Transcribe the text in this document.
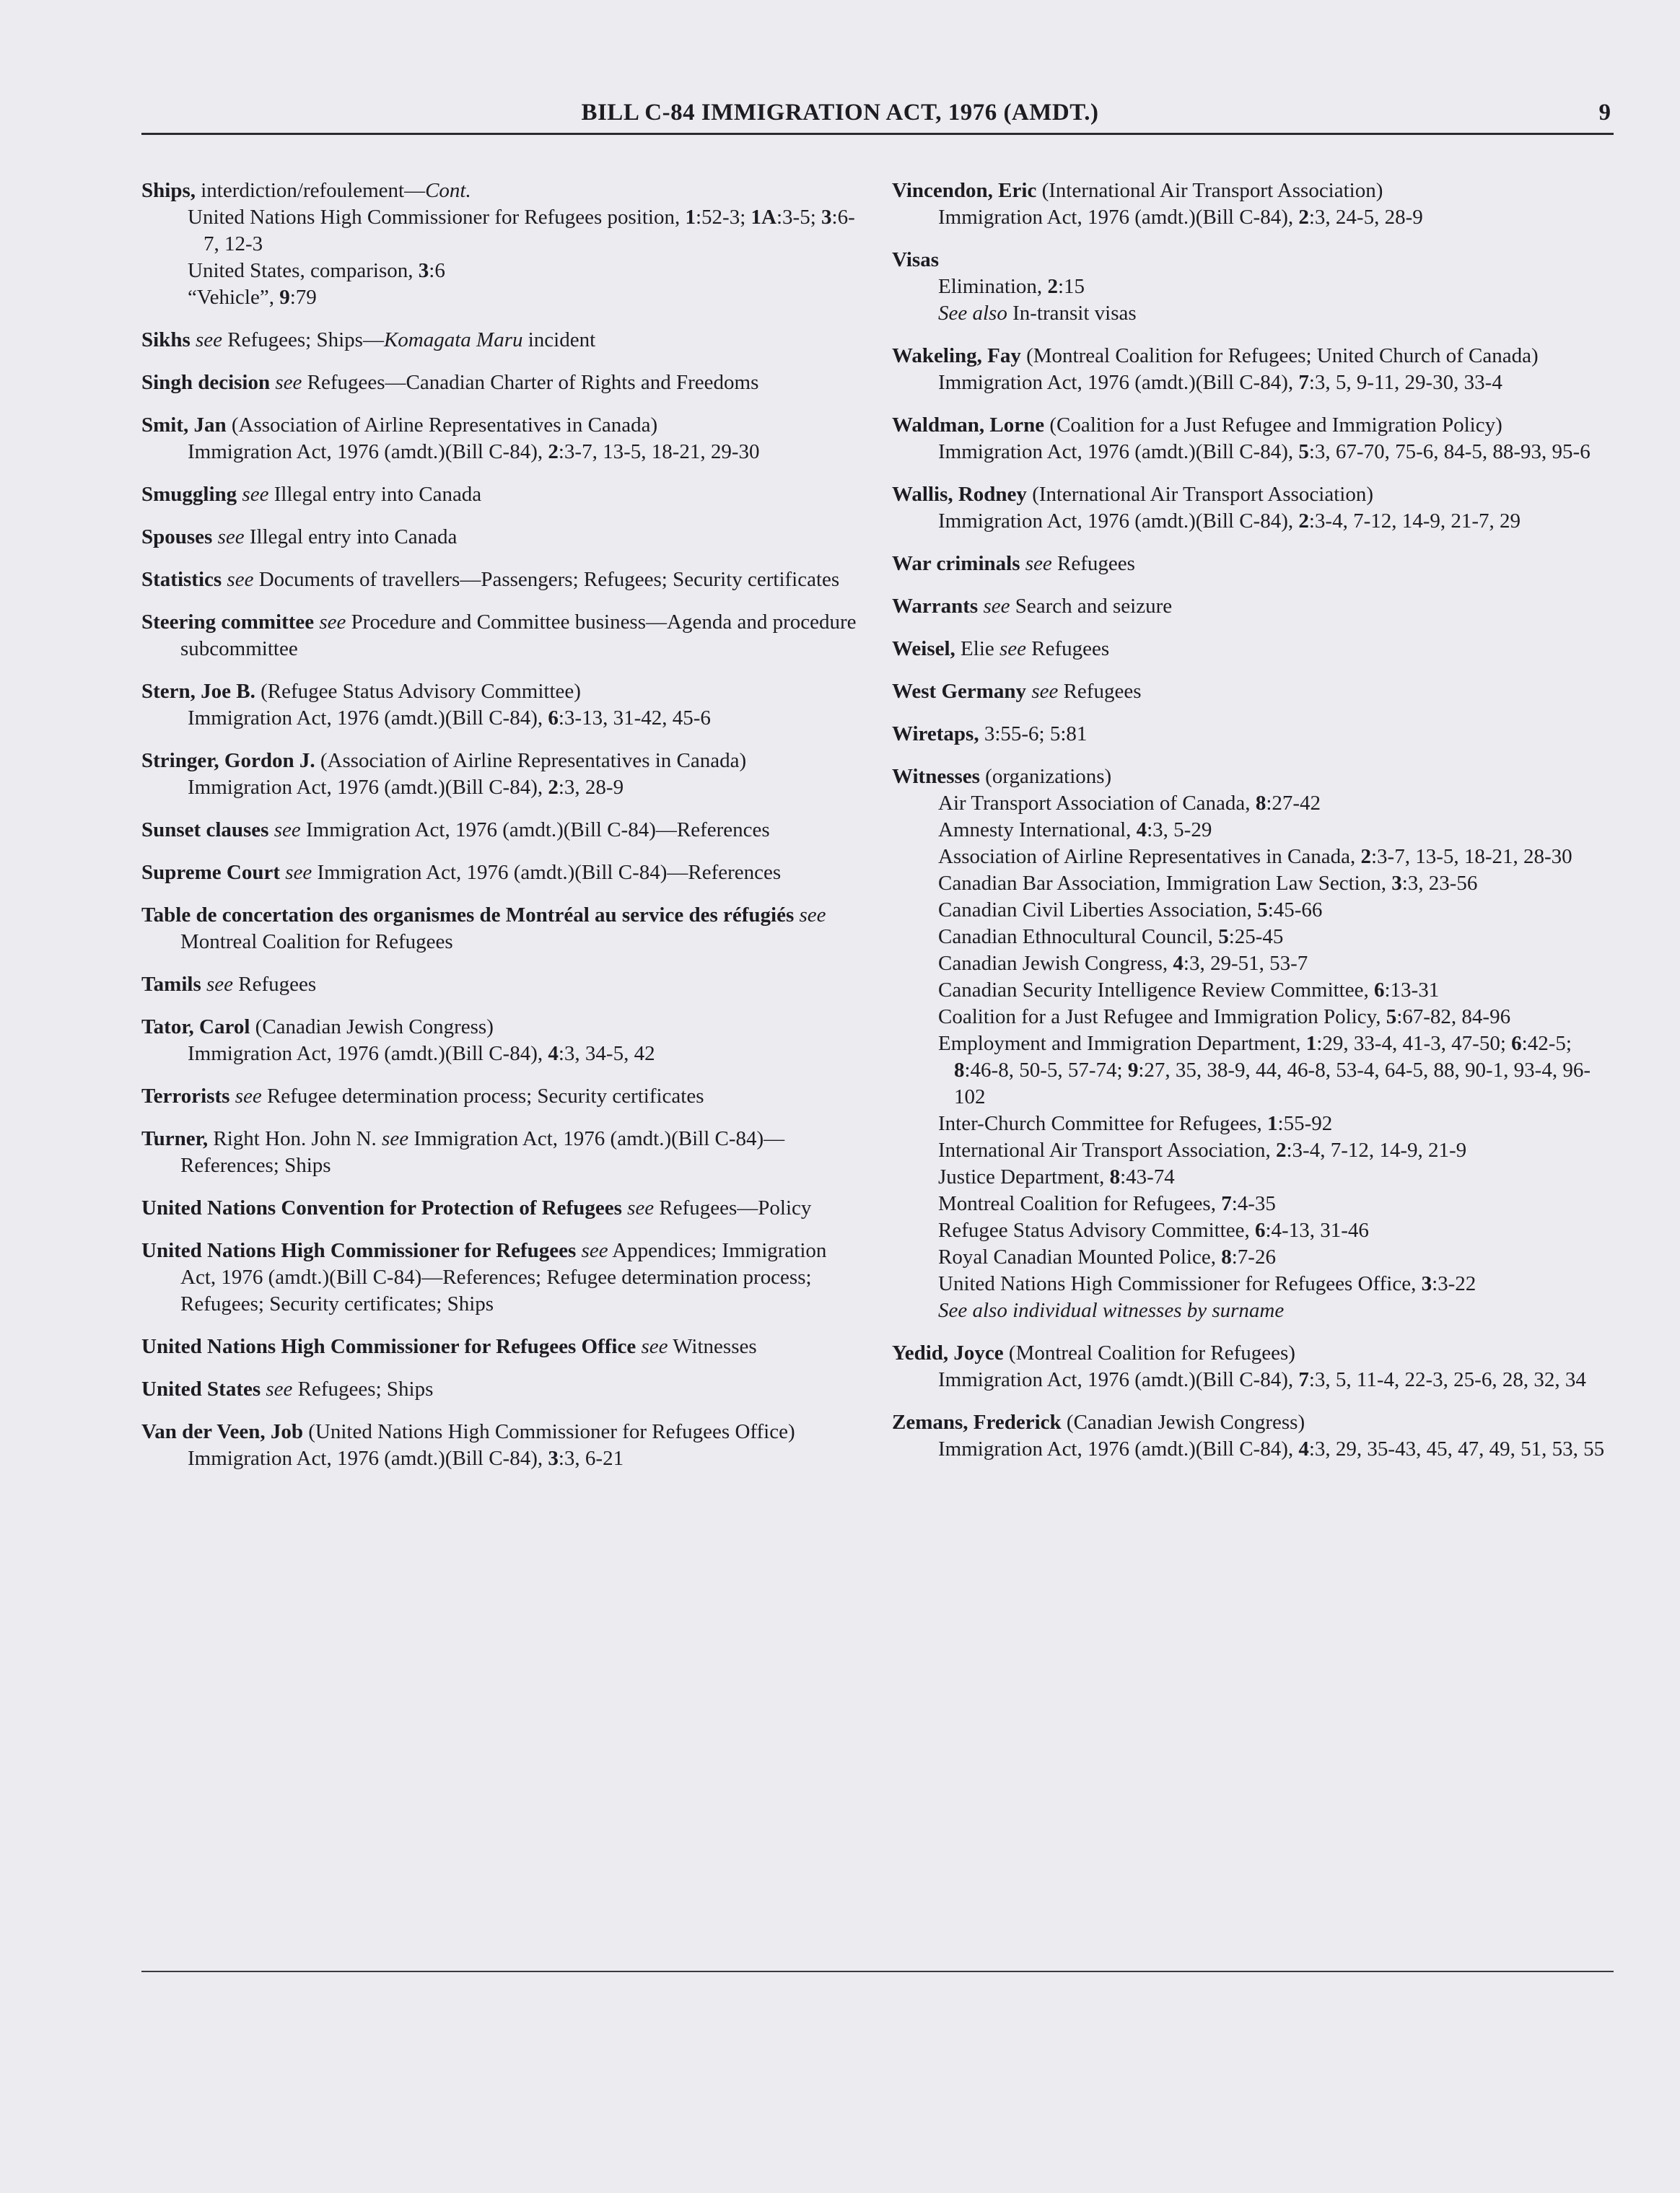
BILL C-84 IMMIGRATION ACT, 1976 (AMDT.)	9
Ships, interdiction/refoulement—Cont.
United Nations High Commissioner for Refugees position, 1:52-3; 1A:3-5; 3:6-7, 12-3
United States, comparison, 3:6
“Vehicle”, 9:79
Sikhs see Refugees; Ships—Komagata Maru incident
Singh decision see Refugees—Canadian Charter of Rights and Freedoms
Smit, Jan (Association of Airline Representatives in Canada)
Immigration Act, 1976 (amdt.)(Bill C-84), 2:3-7, 13-5, 18-21, 29-30
Smuggling see Illegal entry into Canada
Spouses see Illegal entry into Canada
Statistics see Documents of travellers—Passengers; Refugees; Security certificates
Steering committee see Procedure and Committee business—Agenda and procedure subcommittee
Stern, Joe B. (Refugee Status Advisory Committee)
Immigration Act, 1976 (amdt.)(Bill C-84), 6:3-13, 31-42, 45-6
Stringer, Gordon J. (Association of Airline Representatives in Canada)
Immigration Act, 1976 (amdt.)(Bill C-84), 2:3, 28-9
Sunset clauses see Immigration Act, 1976 (amdt.)(Bill C-84)—References
Supreme Court see Immigration Act, 1976 (amdt.)(Bill C-84)—References
Table de concertation des organismes de Montréal au service des réfugiés see Montreal Coalition for Refugees
Tamils see Refugees
Tator, Carol (Canadian Jewish Congress)
Immigration Act, 1976 (amdt.)(Bill C-84), 4:3, 34-5, 42
Terrorists see Refugee determination process; Security certificates
Turner, Right Hon. John N. see Immigration Act, 1976 (amdt.)(Bill C-84)—References; Ships
United Nations Convention for Protection of Refugees see Refugees—Policy
United Nations High Commissioner for Refugees see Appendices; Immigration Act, 1976 (amdt.)(Bill C-84)—References; Refugee determination process; Refugees; Security certificates; Ships
United Nations High Commissioner for Refugees Office see Witnesses
United States see Refugees; Ships
Van der Veen, Job (United Nations High Commissioner for Refugees Office)
Immigration Act, 1976 (amdt.)(Bill C-84), 3:3, 6-21
Vincendon, Eric (International Air Transport Association)
Immigration Act, 1976 (amdt.)(Bill C-84), 2:3, 24-5, 28-9
Visas
Elimination, 2:15
See also In-transit visas
Wakeling, Fay (Montreal Coalition for Refugees; United Church of Canada)
Immigration Act, 1976 (amdt.)(Bill C-84), 7:3, 5, 9-11, 29-30, 33-4
Waldman, Lorne (Coalition for a Just Refugee and Immigration Policy)
Immigration Act, 1976 (amdt.)(Bill C-84), 5:3, 67-70, 75-6, 84-5, 88-93, 95-6
Wallis, Rodney (International Air Transport Association)
Immigration Act, 1976 (amdt.)(Bill C-84), 2:3-4, 7-12, 14-9, 21-7, 29
War criminals see Refugees
Warrants see Search and seizure
Weisel, Elie see Refugees
West Germany see Refugees
Wiretaps, 3:55-6; 5:81
Witnesses (organizations)
Air Transport Association of Canada, 8:27-42
Amnesty International, 4:3, 5-29
Association of Airline Representatives in Canada, 2:3-7, 13-5, 18-21, 28-30
Canadian Bar Association, Immigration Law Section, 3:3, 23-56
Canadian Civil Liberties Association, 5:45-66
Canadian Ethnocultural Council, 5:25-45
Canadian Jewish Congress, 4:3, 29-51, 53-7
Canadian Security Intelligence Review Committee, 6:13-31
Coalition for a Just Refugee and Immigration Policy, 5:67-82, 84-96
Employment and Immigration Department, 1:29, 33-4, 41-3, 47-50; 6:42-5; 8:46-8, 50-5, 57-74; 9:27, 35, 38-9, 44, 46-8, 53-4, 64-5, 88, 90-1, 93-4, 96-102
Inter-Church Committee for Refugees, 1:55-92
International Air Transport Association, 2:3-4, 7-12, 14-9, 21-9
Justice Department, 8:43-74
Montreal Coalition for Refugees, 7:4-35
Refugee Status Advisory Committee, 6:4-13, 31-46
Royal Canadian Mounted Police, 8:7-26
United Nations High Commissioner for Refugees Office, 3:3-22
See also individual witnesses by surname
Yedid, Joyce (Montreal Coalition for Refugees)
Immigration Act, 1976 (amdt.)(Bill C-84), 7:3, 5, 11-4, 22-3, 25-6, 28, 32, 34
Zemans, Frederick (Canadian Jewish Congress)
Immigration Act, 1976 (amdt.)(Bill C-84), 4:3, 29, 35-43, 45, 47, 49, 51, 53, 55
